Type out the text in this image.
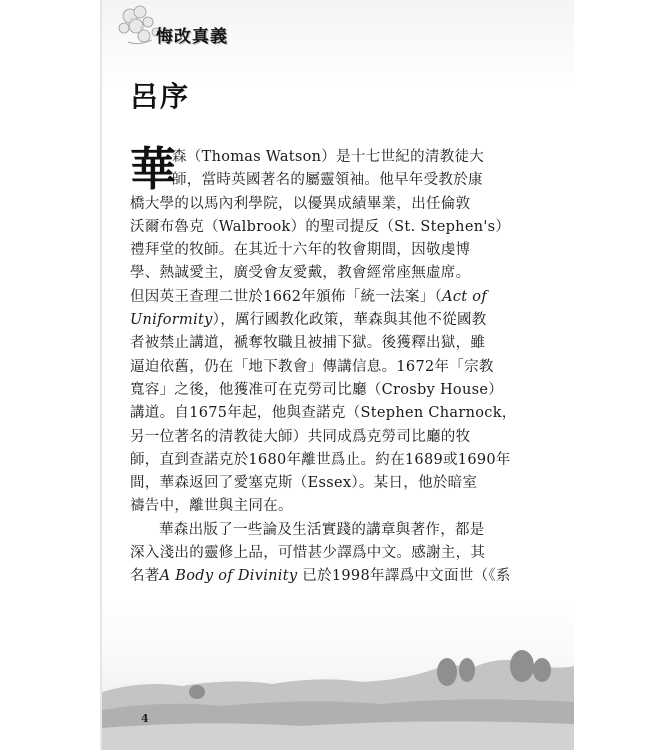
悔改真義
呂序
華
森（Thomas Watson）是十七世紀的清教徒大
師，當時英國著名的屬靈領袖。他早年受教於康
橋大學的以馬內利學院，以優異成績畢業，出任倫敦
沃爾布魯克（Walbrook）的聖司提反（St. Stephen's）
禮拜堂的牧師。在其近十六年的牧會期間，因敬虔博
學、熱誠愛主，廣受會友愛戴，教會經常座無虛席。
但因英王查理二世於1662年頒佈「統一法案」（Act of
Uniformity），厲行國教化政策，華森與其他不從國教
者被禁止講道，褫奪牧職且被捕下獄。後獲釋出獄，雖
逼迫依舊，仍在「地下教會」傳講信息。1672年「宗教
寬容」之後，他獲准可在克勞司比廳（Crosby House）
講道。自1675年起，他與查諾克（Stephen Charnock，
另一位著名的清教徒大師）共同成爲克勞司比廳的牧
師，直到查諾克於1680年離世爲止。約在1689或1690年
間，華森返回了愛塞克斯（Essex）。某日，他於暗室
禱告中，離世與主同在。
華森出版了一些論及生活實踐的講章與著作，都是
深入淺出的靈修上品，可惜甚少譯爲中文。感謝主，其
名著A Body of Divinity 已於1998年譯爲中文面世（《系
4
